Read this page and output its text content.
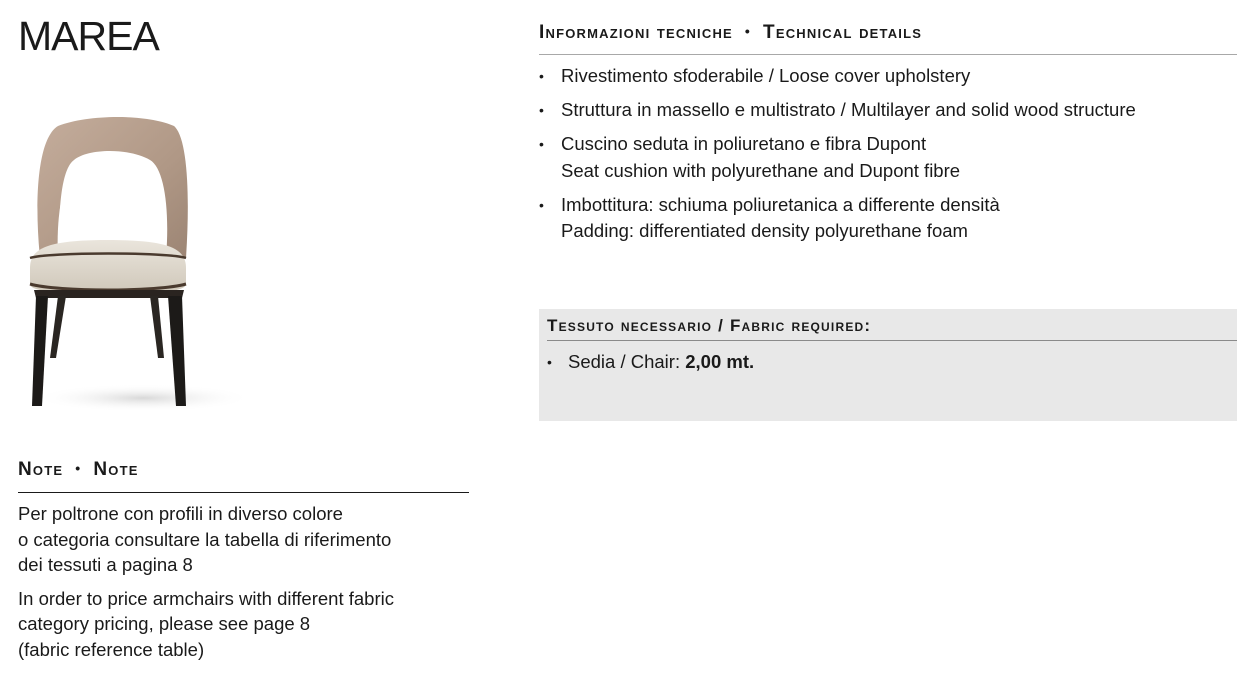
MAREA
Note • Note

Per poltrone con profili in diverso colore
o categoria consultare la tabella di riferimento
dei tessuti a pagina 8

In order to price armchairs with different fabric
category pricing, please see page 8
(fabric reference table)

Informazioni tecniche • Technical details
• Rivestimento sfoderabile / Loose cover upholstery
• Struttura in massello e multistrato / Multilayer and solid wood structure
• Cuscino seduta in poliuretano e fibra Dupont
Seat cushion with polyurethane and Dupont fibre
• Imbottitura: schiuma poliuretanica a differente densità
Padding: differentiated density polyurethane foam
Tessuto necessario / Fabric required:
• Sedia / Chair: 2,00 mt.
